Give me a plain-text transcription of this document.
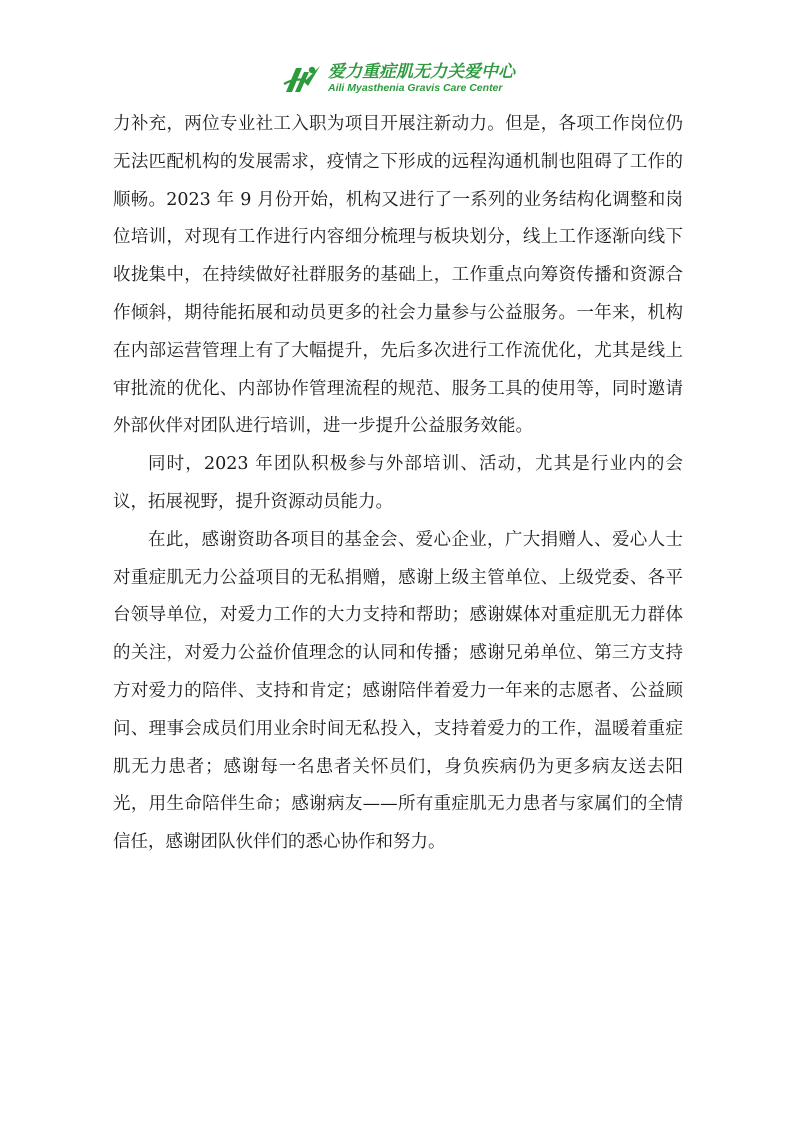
爱力重症肌无力关爱中心
Aili Myasthenia Gravis Care Center

力补充，两位专业社工入职为项目开展注新动力。但是，各项工作岗位仍无法匹配机构的发展需求，疫情之下形成的远程沟通机制也阻碍了工作的顺畅。2023 年 9 月份开始，机构又进行了一系列的业务结构化调整和岗位培训，对现有工作进行内容细分梳理与板块划分，线上工作逐渐向线下收拢集中，在持续做好社群服务的基础上，工作重点向筹资传播和资源合作倾斜，期待能拓展和动员更多的社会力量参与公益服务。一年来，机构在内部运营管理上有了大幅提升，先后多次进行工作流优化，尤其是线上审批流的优化、内部协作管理流程的规范、服务工具的使用等，同时邀请外部伙伴对团队进行培训，进一步提升公益服务效能。

同时，2023 年团队积极参与外部培训、活动，尤其是行业内的会议，拓展视野，提升资源动员能力。

在此，感谢资助各项目的基金会、爱心企业，广大捐赠人、爱心人士对重症肌无力公益项目的无私捐赠，感谢上级主管单位、上级党委、各平台领导单位，对爱力工作的大力支持和帮助；感谢媒体对重症肌无力群体的关注，对爱力公益价值理念的认同和传播；感谢兄弟单位、第三方支持方对爱力的陪伴、支持和肯定；感谢陪伴着爱力一年来的志愿者、公益顾问、理事会成员们用业余时间无私投入，支持着爱力的工作，温暖着重症肌无力患者；感谢每一名患者关怀员们，身负疾病仍为更多病友送去阳光，用生命陪伴生命；感谢病友——所有重症肌无力患者与家属们的全情信任，感谢团队伙伴们的悉心协作和努力。
